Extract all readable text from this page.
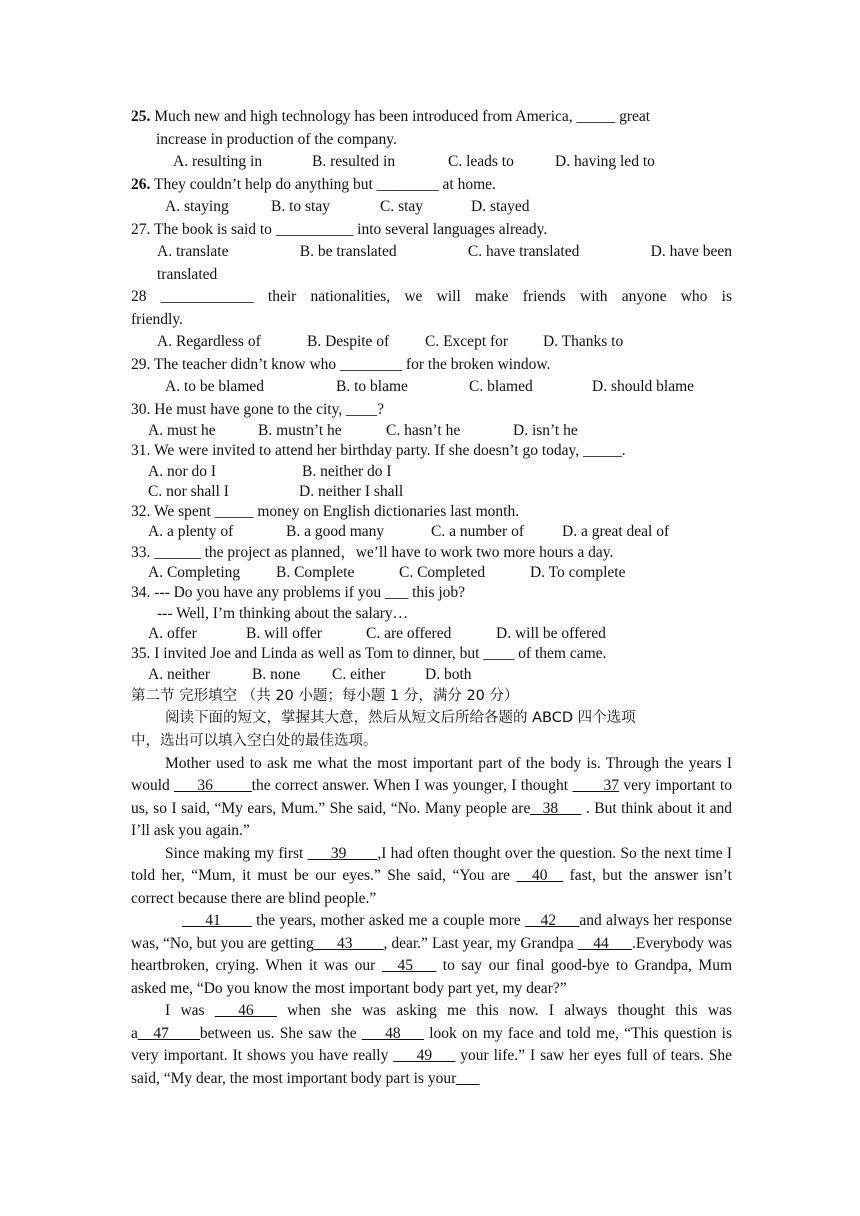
25. Much new and high technology has been introduced from America, _____ great
increase in production of the company.
A. resulting in	B. resulted in	C. leads to	D. having led to
26. They couldn’t help do anything but ________ at home.
A. staying	B. to stay	C. stay	D. stayed
27. The book is said to __________ into several languages already.
A. translate	B. be translated	C. have translated	D. have been
translated
28 ____________ their nationalities, we will make friends with anyone who is
friendly.
A. Regardless of	B. Despite of C. Except for D. Thanks to
29. The teacher didn’t know who ________ for the broken window.
A. to be blamed	B. to blame	C. blamed	D. should blame
30. He must have gone to the city, ____?
A. must he	B. mustn’t he	C. hasn’t he	D. isn’t he
31. We were invited to attend her birthday party. If she doesn’t go today, _____.
A. nor do I	B. neither do I
C. nor shall I	D. neither I shall
32. We spent _____ money on English dictionaries last month.
A. a plenty of	B. a good many	C. a number of D. a great deal of
33. ______ the project as planned，we’ll have to work two more hours a day.
A. Completing B. Complete	C. Completed	D. To complete
34. --- Do you have any problems if you ___ this job?
--- Well, I’m thinking about the salary…
A. offer	B. will offer	C. are offered	D. will be offered
35. I invited Joe and Linda as well as Tom to dinner, but ____ of them came.
A. neither	B. none C. either	D. both
第二节 完形填空 （共 20 小题；每小题 1 分，满分 20 分）
阅读下面的短文，掌握其大意，然后从短文后所给各题的 ABCD 四个选项
中，选出可以填入空白处的最佳选项。
Mother used to ask me what the most important part of the body is. Through the years I would ___36_____the correct answer. When I was younger, I thought ____37 very important to us, so I said, “My ears, Mum.” She said, “No. Many people are_ 38___ . But think about it and I’ll ask you again.”
Since making my first ___39____,I had often thought over the question. So the next time I told her, “Mum, it must be our eyes.” She said, “You are __40__ fast, but the answer isn’t correct because there are blind people.”
___41____ the years, mother asked me a couple more __42___and always her response was, “No, but you are getting___43____, dear.” Last year, my Grandpa __44___.Everybody was heartbroken, crying. When it was our __45___ to say our final good-bye to Grandpa, Mum asked me, “Do you know the most important body part yet, my dear?”
I was ___46___ when she was asking me this now. I always thought this was a__47____between us. She saw the ___48___ look on my face and told me, “This question is very important. It shows you have really ___49___ your life.” I saw her eyes full of tears. She said, “My dear, the most important body part is your___
